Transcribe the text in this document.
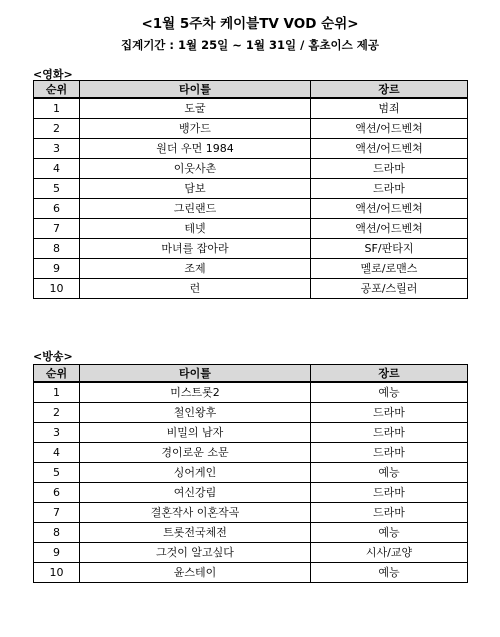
<1월 5주차 케이블TV VOD 순위>
집계기간 : 1월 25일 ~ 1월 31일 / 홈초이스 제공
<영화>
순위	타이틀	장르
1	도굴	범죄
2	뱅가드	액션/어드벤쳐
3	원더 우먼 1984	액션/어드벤쳐
4	이웃사촌	드라마
5	담보	드라마
6	그린랜드	액션/어드벤쳐
7	테넷	액션/어드벤쳐
8	마녀를 잡아라	SF/판타지
9	조제	멜로/로맨스
10	런	공포/스릴러
<방송>
순위	타이틀	장르
1	미스트롯2	예능
2	철인왕후	드라마
3	비밀의 남자	드라마
4	경이로운 소문	드라마
5	싱어게인	예능
6	여신강림	드라마
7	결혼작사 이혼작곡	드라마
8	트롯전국체전	예능
9	그것이 알고싶다	시사/교양
10	윤스테이	예능
